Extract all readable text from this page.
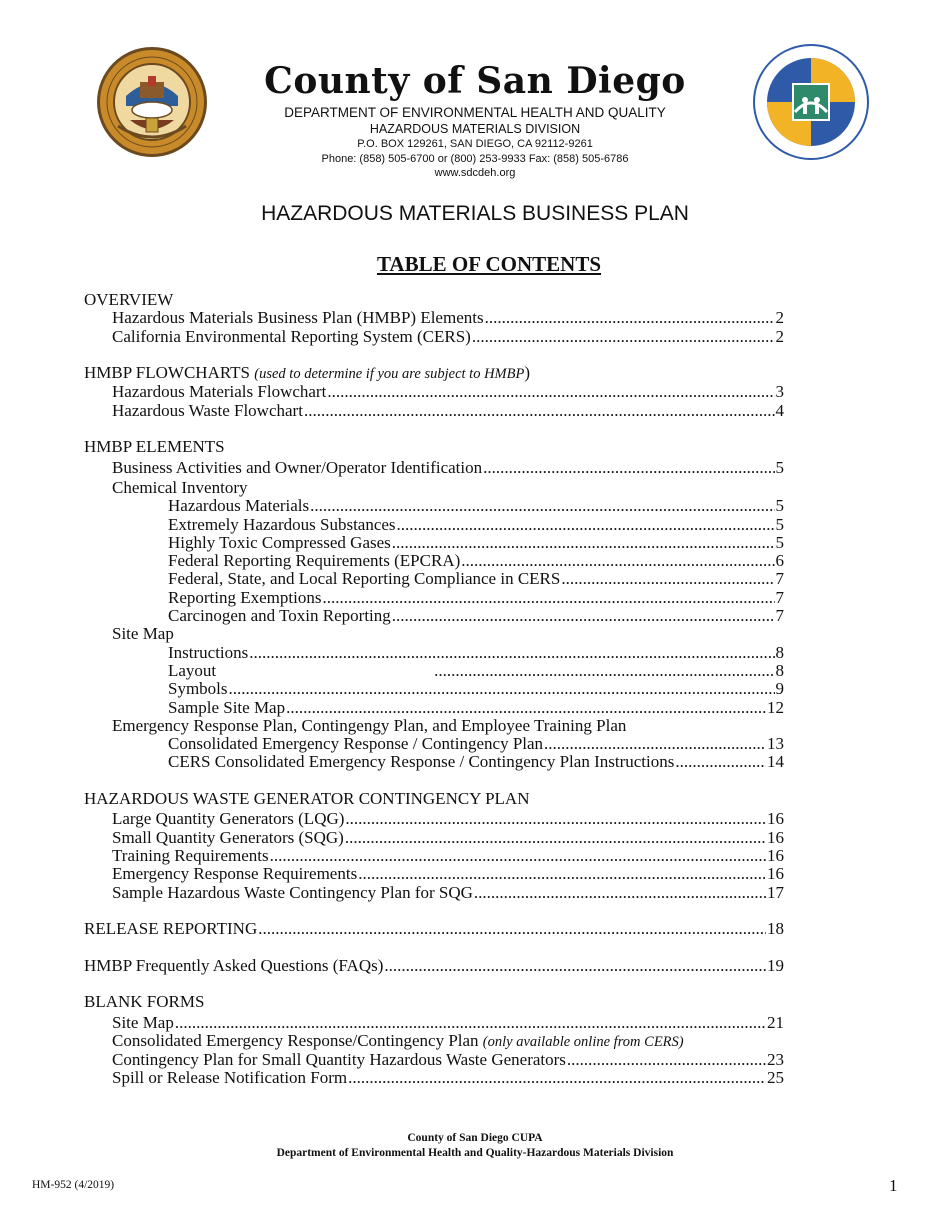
County of San Diego
DEPARTMENT OF ENVIRONMENTAL HEALTH AND QUALITY
HAZARDOUS MATERIALS DIVISION
P.O. BOX 129261, SAN DIEGO, CA 92112-9261
Phone: (858) 505-6700 or (800) 253-9933 Fax: (858) 505-6786
www.sdcdeh.org
HAZARDOUS MATERIALS BUSINESS PLAN
TABLE OF CONTENTS
OVERVIEW
Hazardous Materials Business Plan (HMBP) Elements .....	2
California Environmental Reporting System (CERS) .....	2
HMBP FLOWCHARTS (used to determine if you are subject to HMBP)
Hazardous Materials Flowchart .....	3
Hazardous Waste Flowchart .....	4
HMBP ELEMENTS
Business Activities and Owner/Operator Identification .....	5
Chemical Inventory
Hazardous Materials .....	5
Extremely Hazardous Substances .....	5
Highly Toxic Compressed Gases .....	5
Federal Reporting Requirements (EPCRA) .....	6
Federal, State, and Local Reporting Compliance in CERS .....	7
Reporting Exemptions .....	7
Carcinogen and Toxin Reporting .....	7
Site Map
Instructions .....	8
Layout .....	8
Symbols .....	9
Sample Site Map .....	12
Emergency Response Plan, Contingengy Plan, and Employee Training Plan
Consolidated Emergency Response / Contingency Plan .....	13
CERS Consolidated Emergency Response / Contingency Plan Instructions .....	14
HAZARDOUS WASTE GENERATOR CONTINGENCY PLAN
Large Quantity Generators (LQG) .....	16
Small Quantity Generators (SQG) .....	16
Training Requirements .....	16
Emergency Response Requirements .....	16
Sample Hazardous Waste Contingency Plan for SQG .....	17
RELEASE REPORTING .....	18
HMBP Frequently Asked Questions (FAQs) .....	19
BLANK FORMS
Site Map .....	21
Consolidated Emergency Response/Contingency Plan (only available online from CERS)
Contingency Plan for Small Quantity Hazardous Waste Generators .....	23
Spill or Release Notification Form .....	25
County of San Diego CUPA
Department of Environmental Health and Quality-Hazardous Materials Division
HM-952 (4/2019)	1
